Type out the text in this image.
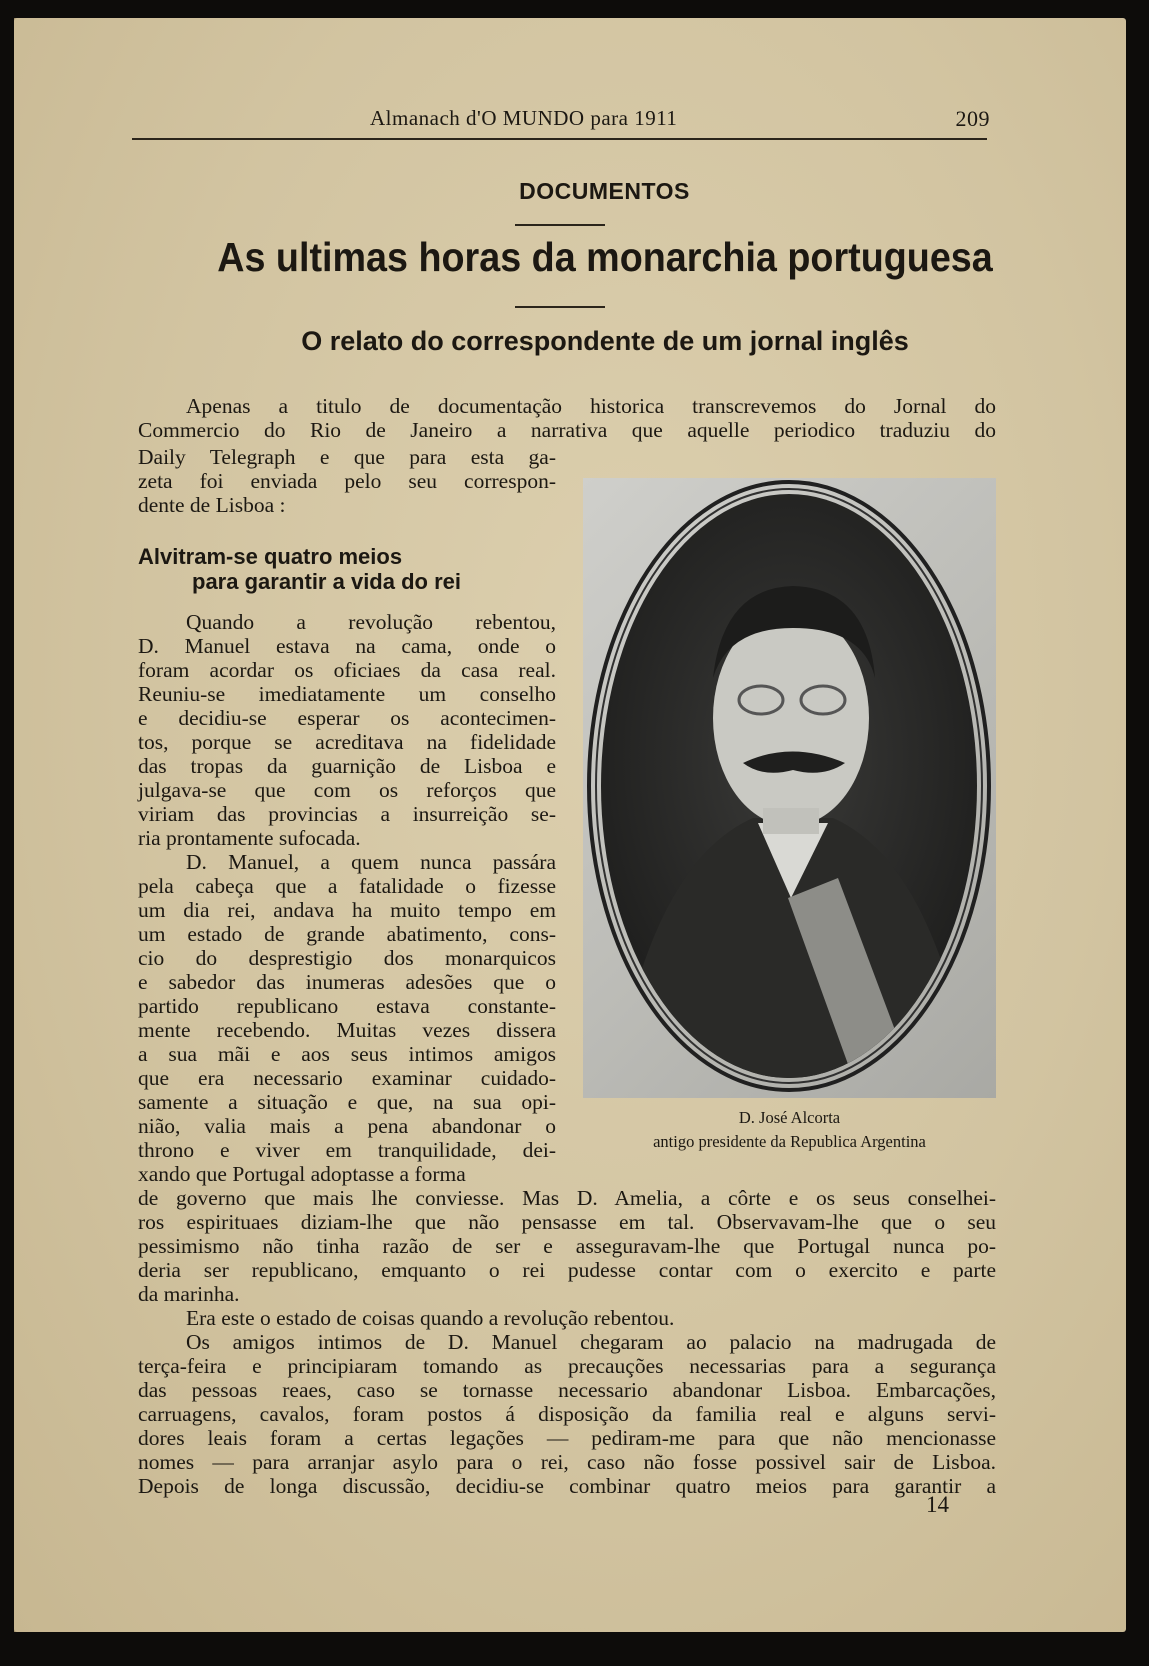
Almanach d'O MUNDO para 1911	209
DOCUMENTOS
As ultimas horas da monarchia portuguesa
O relato do correspondente de um jornal inglês
Apenas a titulo de documentação historica transcrevemos do Jornal do
Commercio do Rio de Janeiro a narrativa que aquelle periodico traduziu do
Daily Telegraph e que para esta ga-
zeta foi enviada pelo seu correspon-
dente de Lisboa :
Alvitram-se quatro meios
para garantir a vida do rei
Quando a revolução rebentou,
D. Manuel estava na cama, onde o
foram acordar os oficiaes da casa real.
Reuniu-se imediatamente um conselho
e decidiu-se esperar os acontecimen-
tos, porque se acreditava na fidelidade
das tropas da guarnição de Lisboa e
julgava-se que com os reforços que
viriam das provincias a insurreição se-
ria prontamente sufocada.
D. Manuel, a quem nunca passára
pela cabeça que a fatalidade o fizesse
um dia rei, andava ha muito tempo em
um estado de grande abatimento, cons-
cio do desprestigio dos monarquicos
e sabedor das inumeras adesões que o
partido republicano estava constante-
mente recebendo. Muitas vezes dissera
a sua mãi e aos seus intimos amigos
que era necessario examinar cuidado-
samente a situação e que, na sua opi-
nião, valia mais a pena abandonar o
throno e viver em tranquilidade, dei-
xando que Portugal adoptasse a forma
D. José Alcorta
antigo presidente da Republica Argentina
de governo que mais lhe conviesse. Mas D. Amelia, a côrte e os seus conselhei-
ros espirituaes diziam-lhe que não pensasse em tal. Observavam-lhe que o seu
pessimismo não tinha razão de ser e asseguravam-lhe que Portugal nunca po-
deria ser republicano, emquanto o rei pudesse contar com o exercito e parte
da marinha.
Era este o estado de coisas quando a revolução rebentou.
Os amigos intimos de D. Manuel chegaram ao palacio na madrugada de
terça-feira e principiaram tomando as precauções necessarias para a segurança
das pessoas reaes, caso se tornasse necessario abandonar Lisboa. Embarcações,
carruagens, cavalos, foram postos á disposição da familia real e alguns servi-
dores leais foram a certas legações — pediram-me para que não mencionasse
nomes — para arranjar asylo para o rei, caso não fosse possivel sair de Lisboa.
Depois de longa discussão, decidiu-se combinar quatro meios para garantir a
14
